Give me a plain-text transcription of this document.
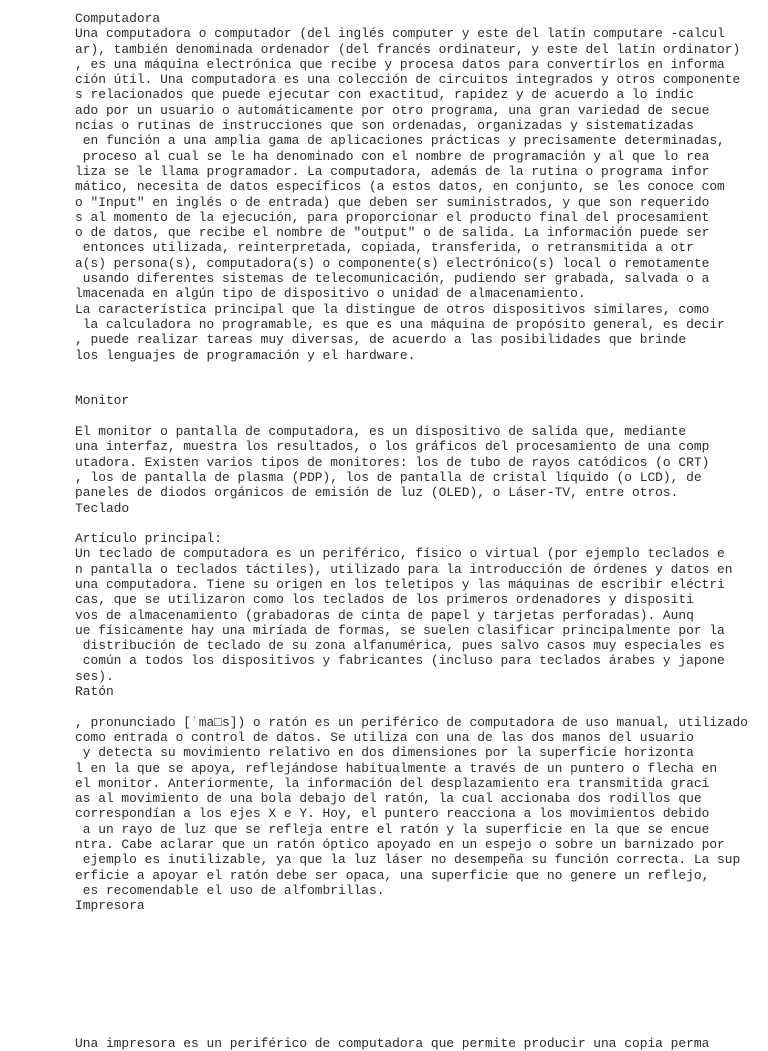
Computadora
Una computadora o computador (del inglés computer y este del latín computare -calcul
ar), también denominada ordenador (del francés ordinateur, y este del latín ordinator)
, es una máquina electrónica que recibe y procesa datos para convertirlos en informa
ción útil. Una computadora es una colección de circuitos integrados y otros componente
s relacionados que puede ejecutar con exactitud, rapidez y de acuerdo a lo indic
ado por un usuario o automáticamente por otro programa, una gran variedad de secue
ncias o rutinas de instrucciones que son ordenadas, organizadas y sistematizadas
en función a una amplia gama de aplicaciones prácticas y precisamente determinadas,
proceso al cual se le ha denominado con el nombre de programación y al que lo rea
liza se le llama programador. La computadora, además de la rutina o programa infor
mático, necesita de datos específicos (a estos datos, en conjunto, se les conoce com
o "Input" en inglés o de entrada) que deben ser suministrados, y que son requerido
s al momento de la ejecución, para proporcionar el producto final del procesamient
o de datos, que recibe el nombre de "output" o de salida. La información puede ser
entonces utilizada, reinterpretada, copiada, transferida, o retransmitida a otr
a(s) persona(s), computadora(s) o componente(s) electrónico(s) local o remotamente
usando diferentes sistemas de telecomunicación, pudiendo ser grabada, salvada o a
lmacenada en algún tipo de dispositivo o unidad de almacenamiento.
La característica principal que la distingue de otros dispositivos similares, como
la calculadora no programable, es que es una máquina de propósito general, es decir
, puede realizar tareas muy diversas, de acuerdo a las posibilidades que brinde
los lenguajes de programación y el hardware.
Monitor
El monitor o pantalla de computadora, es un dispositivo de salida que, mediante
una interfaz, muestra los resultados, o los gráficos del procesamiento de una comp
utadora. Existen varios tipos de monitores: los de tubo de rayos catódicos (o CRT)
, los de pantalla de plasma (PDP), los de pantalla de cristal líquido (o LCD), de
paneles de diodos orgánicos de emisión de luz (OLED), o Láser-TV, entre otros.
Teclado
Artículo principal:
Un teclado de computadora es un periférico, físico o virtual (por ejemplo teclados e
n pantalla o teclados táctiles), utilizado para la introducción de órdenes y datos en
una computadora. Tiene su origen en los teletipos y las máquinas de escribir eléctri
cas, que se utilizaron como los teclados de los primeros ordenadores y dispositi
vos de almacenamiento (grabadoras de cinta de papel y tarjetas perforadas). Aunq
ue físicamente hay una miríada de formas, se suelen clasificar principalmente por la
distribución de teclado de su zona alfanumérica, pues salvo casos muy especiales es
común a todos los dispositivos y fabricantes (incluso para teclados árabes y japone
ses).
Ratón
, pronunciado [ˈma□s]) o ratón es un periférico de computadora de uso manual, utilizado
como entrada o control de datos. Se utiliza con una de las dos manos del usuario
y detecta su movimiento relativo en dos dimensiones por la superficie horizonta
l en la que se apoya, reflejándose habitualmente a través de un puntero o flecha en
el monitor. Anteriormente, la información del desplazamiento era transmitida graci
as al movimiento de una bola debajo del ratón, la cual accionaba dos rodillos que
correspondían a los ejes X e Y. Hoy, el puntero reacciona a los movimientos debido
a un rayo de luz que se refleja entre el ratón y la superficie en la que se encue
ntra. Cabe aclarar que un ratón óptico apoyado en un espejo o sobre un barnizado por
ejemplo es inutilizable, ya que la luz láser no desempeña su función correcta. La sup
erficie a apoyar el ratón debe ser opaca, una superficie que no genere un reflejo,
es recomendable el uso de alfombrillas.
Impresora
Una impresora es un periférico de computadora que permite producir una copia perma
